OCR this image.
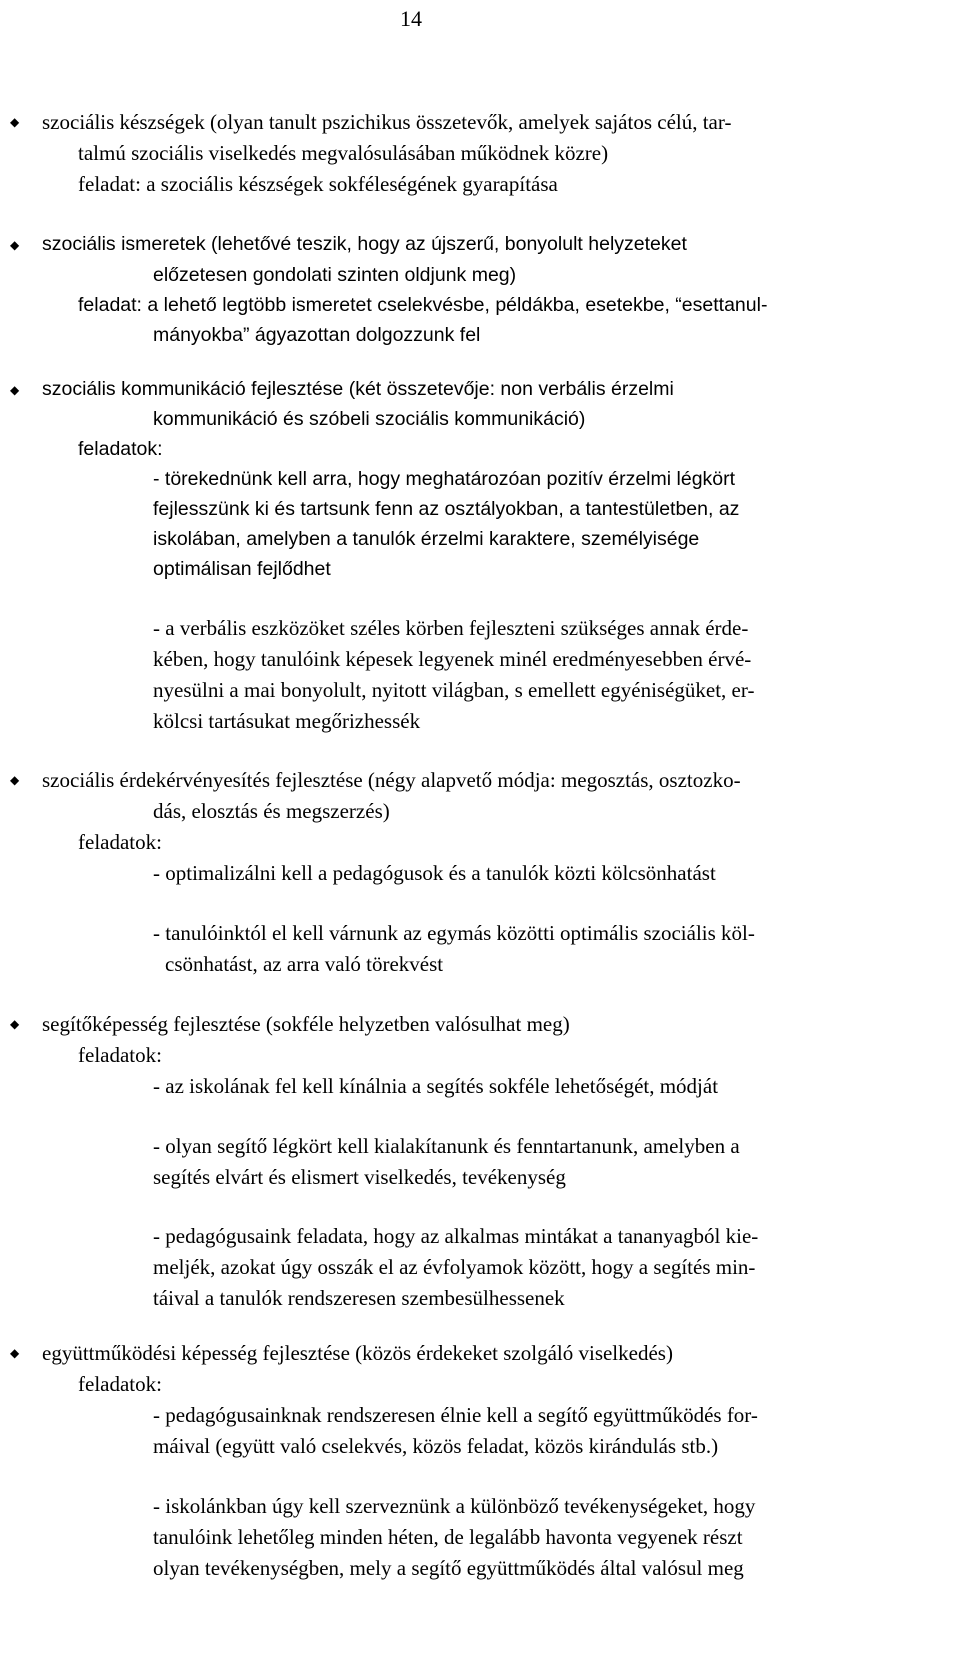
14
◆ szociális készségek (olyan tanult pszichikus összetevők, amelyek sajátos célú, tar-
talmú szociális viselkedés megvalósulásában működnek közre)
feladat: a szociális készségek sokféleségének gyarapítása
◆ szociális ismeretek (lehetővé teszik, hogy az újszerű, bonyolult helyzeteket
előzetesen gondolati szinten oldjunk meg)
feladat: a lehető legtöbb ismeretet cselekvésbe, példákba, esetekbe, “esettanul-
mányokba” ágyazottan dolgozzunk fel
◆ szociális kommunikáció fejlesztése (két összetevője: non verbális érzelmi
kommunikáció és szóbeli szociális kommunikáció)
feladatok:
- törekednünk kell arra, hogy meghatározóan pozitív érzelmi légkört
fejlesszünk ki és tartsunk fenn az osztályokban, a tantestületben, az
iskolában, amelyben a tanulók érzelmi karaktere, személyisége
optimálisan fejlődhet
- a verbális eszközöket széles körben fejleszteni szükséges annak érde-
kében, hogy tanulóink képesek legyenek minél eredményesebben érvé-
nyesülni a mai bonyolult, nyitott világban, s emellett egyéniségüket, er-
kölcsi tartásukat megőrizhessék
◆ szociális érdekérvényesítés fejlesztése (négy alapvető módja: megosztás, osztozko-
dás, elosztás és megszerzés)
feladatok:
- optimalizálni kell a pedagógusok és a tanulók közti kölcsönhatást
- tanulóinktól el kell várnunk az egymás közötti optimális szociális köl-
csönhatást, az arra való törekvést
◆ segítőképesség fejlesztése (sokféle helyzetben valósulhat meg)
feladatok:
- az iskolának fel kell kínálnia a segítés sokféle lehetőségét, módját
- olyan segítő légkört kell kialakítanunk és fenntartanunk, amelyben a
segítés elvárt és elismert viselkedés, tevékenység
- pedagógusaink feladata, hogy az alkalmas mintákat a tananyagból kie-
meljék, azokat úgy osszák el az évfolyamok között, hogy a segítés min-
táival a tanulók rendszeresen szembesülhessenek
◆ együttműködési képesség fejlesztése (közös érdekeket szolgáló viselkedés)
feladatok:
- pedagógusainknak rendszeresen élnie kell a segítő együttműködés for-
máival (együtt való cselekvés, közös feladat, közös kirándulás stb.)
- iskolánkban úgy kell szerveznünk a különböző tevékenységeket, hogy
tanulóink lehetőleg minden héten, de legalább havonta vegyenek részt
olyan tevékenységben, mely a segítő együttműködés által valósul meg
